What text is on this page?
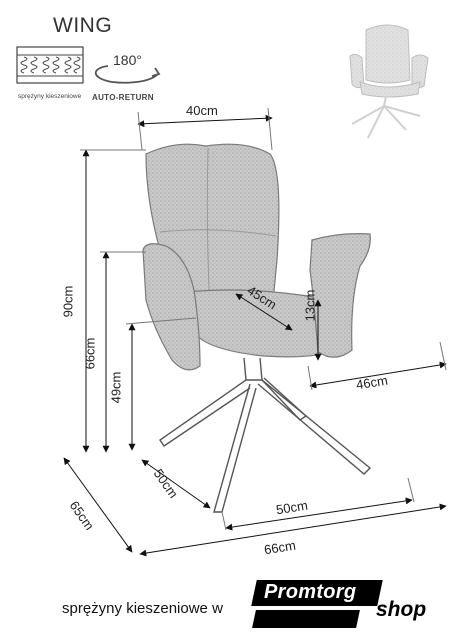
WING
sprężyny kieszeniowe
180°
AUTO-RETURN
40cm
90cm
66cm
49cm
45cm 13cm
46cm
50cm
50cm
65cm
66cm
sprężyny kieszeniowe w
Promtorg
shop
